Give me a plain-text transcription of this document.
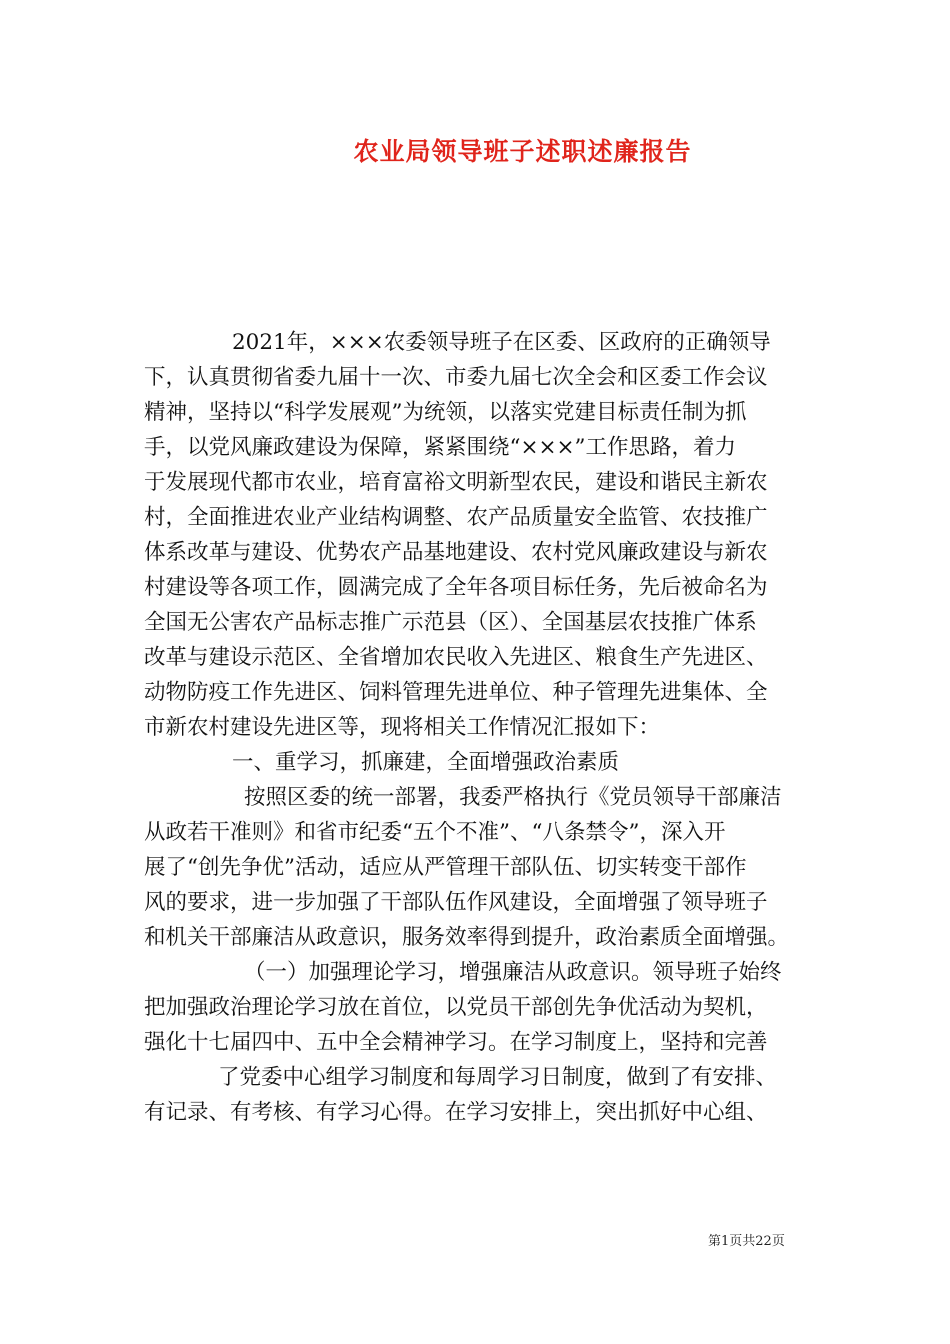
农业局领导班子述职述廉报告
2021年，×××农委领导班子在区委、区政府的正确领导
下，认真贯彻省委九届十一次、市委九届七次全会和区委工作会议
精神，坚持以“科学发展观”为统领，以落实党建目标责任制为抓
手，以党风廉政建设为保障，紧紧围绕“×××”工作思路，着力
于发展现代都市农业，培育富裕文明新型农民，建设和谐民主新农
村，全面推进农业产业结构调整、农产品质量安全监管、农技推广
体系改革与建设、优势农产品基地建设、农村党风廉政建设与新农
村建设等各项工作，圆满完成了全年各项目标任务，先后被命名为
全国无公害农产品标志推广示范县（区）、全国基层农技推广体系
改革与建设示范区、全省增加农民收入先进区、粮食生产先进区、
动物防疫工作先进区、饲料管理先进单位、种子管理先进集体、全
市新农村建设先进区等，现将相关工作情况汇报如下：
一、重学习，抓廉建，全面增强政治素质
按照区委的统一部署，我委严格执行《党员领导干部廉洁
从政若干准则》和省市纪委“五个不准”、“八条禁令”，深入开
展了“创先争优”活动，适应从严管理干部队伍、切实转变干部作
风的要求，进一步加强了干部队伍作风建设，全面增强了领导班子
和机关干部廉洁从政意识，服务效率得到提升，政治素质全面增强。
（一）加强理论学习，增强廉洁从政意识。领导班子始终
把加强政治理论学习放在首位，以党员干部创先争优活动为契机，
强化十七届四中、五中全会精神学习。在学习制度上，坚持和完善
了党委中心组学习制度和每周学习日制度，做到了有安排、
有记录、有考核、有学习心得。在学习安排上，突出抓好中心组、
第1页共22页
